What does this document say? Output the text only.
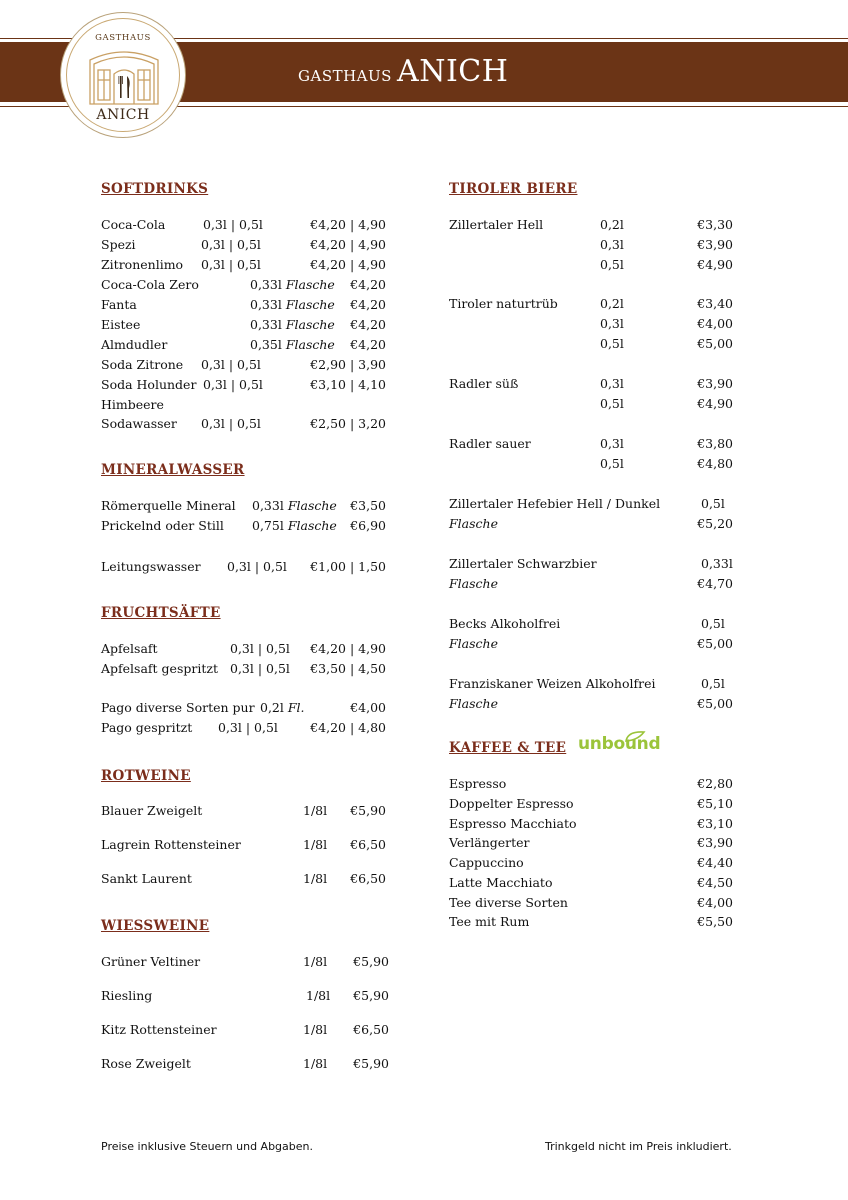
GASTHAUS ANICH
GASTHAUS
ANICH
SOFTDRINKS
Coca-Cola	0,3l | 0,5l	€4,20 | 4,90
Spezi	0,3l | 0,5l	€4,20 | 4,90
Zitronenlimo 0,3l | 0,5l	€4,20 | 4,90
Coca-Cola Zero	0,33l Flasche	€4,20
Fanta	0,33l Flasche	€4,20
Eistee	0,33l Flasche	€4,20
Almdudler	0,35l Flasche	€4,20
Soda Zitrone 0,3l | 0,5l	€2,90 | 3,90
Soda Holunder 0,3l | 0,5l	€3,10 | 4,10
Himbeere
Sodawasser 0,3l | 0,5l	€2,50 | 3,20
MINERALWASSER
Römerquelle Mineral 0,33l Flasche	€3,50
Prickelnd oder Still 0,75l Flasche	€6,90
Leitungswasser 0,3l | 0,5l	€1,00 | 1,50
FRUCHTSÄFTE
Apfelsaft	0,3l | 0,5l	€4,20 | 4,90
Apfelsaft gespritzt 0,3l | 0,5l	€3,50 | 4,50
Pago diverse Sorten pur 0,2l Fl.	€4,00
Pago gespritzt 0,3l | 0,5l	€4,20 | 4,80
ROTWEINE
Blauer Zweigelt	1/8l	€5,90
Lagrein Rottensteiner	1/8l	€6,50
Sankt Laurent	1/8l	€6,50
WIESSWEINE
Grüner Veltiner	1/8l	€5,90
Riesling	1/8l	€5,90
Kitz Rottensteiner	1/8l	€6,50
Rose Zweigelt	1/8l	€5,90
TIROLER BIERE
Zillertaler Hell	0,2l	€3,30
0,3l	€3,90
0,5l	€4,90
Tiroler naturtrüb	0,2l	€3,40
0,3l	€4,00
0,5l	€5,00
Radler süß	0,3l	€3,90
0,5l	€4,90
Radler sauer	0,3l	€3,80
0,5l	€4,80
Zillertaler Hefebier Hell / Dunkel	0,5l
Flasche	€5,20
Zillertaler Schwarzbier	0,33l
Flasche	€4,70
Becks Alkoholfrei	0,5l
Flasche	€5,00
Franziskaner Weizen Alkoholfrei	0,5l
Flasche	€5,00
KAFFEE & TEE unbound
Espresso	€2,80
Doppelter Espresso	€5,10
Espresso Macchiato	€3,10
Verlängerter	€3,90
Cappuccino	€4,40
Latte Macchiato	€4,50
Tee diverse Sorten	€4,00
Tee mit Rum	€5,50
Preise inklusive Steuern und Abgaben.	Trinkgeld nicht im Preis inkludiert.
